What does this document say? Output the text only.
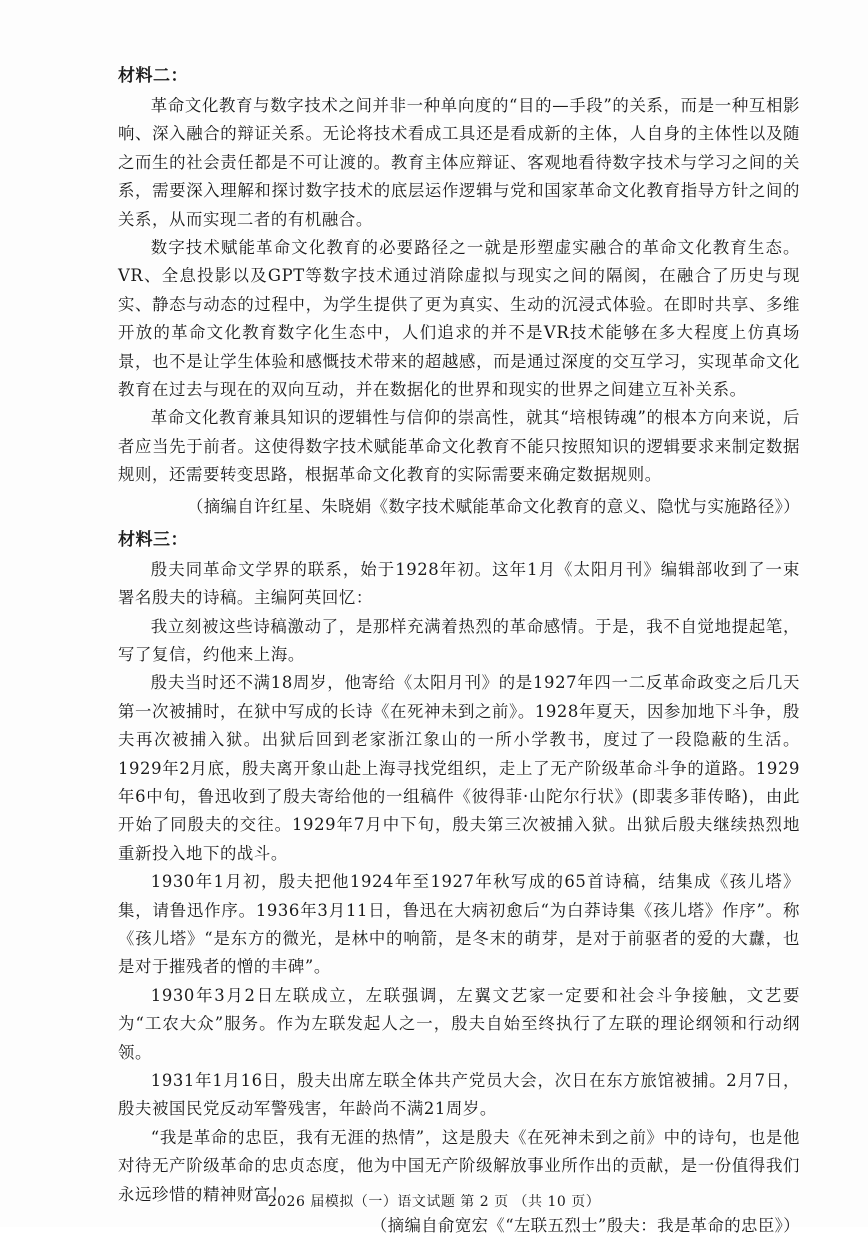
材料二：

革命文化教育与数字技术之间并非一种单向度的“目的—手段”的关系，而是一种互相影响、深入融合的辩证关系。无论将技术看成工具还是看成新的主体，人自身的主体性以及随之而生的社会责任都是不可让渡的。教育主体应辩证、客观地看待数字技术与学习之间的关系，需要深入理解和探讨数字技术的底层运作逻辑与党和国家革命文化教育指导方针之间的关系，从而实现二者的有机融合。

数字技术赋能革命文化教育的必要路径之一就是形塑虚实融合的革命文化教育生态。VR、全息投影以及GPT等数字技术通过消除虚拟与现实之间的隔阂，在融合了历史与现实、静态与动态的过程中，为学生提供了更为真实、生动的沉浸式体验。在即时共享、多维开放的革命文化教育数字化生态中，人们追求的并不是VR技术能够在多大程度上仿真场景，也不是让学生体验和感慨技术带来的超越感，而是通过深度的交互学习，实现革命文化教育在过去与现在的双向互动，并在数据化的世界和现实的世界之间建立互补关系。

革命文化教育兼具知识的逻辑性与信仰的崇高性，就其“培根铸魂”的根本方向来说，后者应当先于前者。这使得数字技术赋能革命文化教育不能只按照知识的逻辑要求来制定数据规则，还需要转变思路，根据革命文化教育的实际需要来确定数据规则。

（摘编自许红星、朱晓娟《数字技术赋能革命文化教育的意义、隐忧与实施路径》）
材料三：

殷夫同革命文学界的联系，始于1928年初。这年1月《太阳月刊》编辑部收到了一束署名殷夫的诗稿。主编阿英回忆：

我立刻被这些诗稿激动了，是那样充满着热烈的革命感情。于是，我不自觉地提起笔，写了复信，约他来上海。

殷夫当时还不满18周岁，他寄给《太阳月刊》的是1927年四一二反革命政变之后几天第一次被捕时，在狱中写成的长诗《在死神未到之前》。1928年夏天，因参加地下斗争，殷夫再次被捕入狱。出狱后回到老家浙江象山的一所小学教书，度过了一段隐蔽的生活。1929年2月底，殷夫离开象山赴上海寻找党组织，走上了无产阶级革命斗争的道路。1929年6中旬，鲁迅收到了殷夫寄给他的一组稿件《彼得菲·山陀尔行状》(即裴多菲传略)，由此开始了同殷夫的交往。1929年7月中下旬，殷夫第三次被捕入狱。出狱后殷夫继续热烈地重新投入地下的战斗。

1930年1月初，殷夫把他1924年至1927年秋写成的65首诗稿，结集成《孩儿塔》集，请鲁迅作序。1936年3月11日，鲁迅在大病初愈后“为白莽诗集《孩儿塔》作序”。称《孩儿塔》“是东方的微光，是林中的响箭，是冬末的萌芽，是对于前驱者的爱的大纛，也是对于摧残者的憎的丰碑”。

1930年3月2日左联成立，左联强调，左翼文艺家一定要和社会斗争接触，文艺要为“工农大众”服务。作为左联发起人之一，殷夫自始至终执行了左联的理论纲领和行动纲领。

1931年1月16日，殷夫出席左联全体共产党员大会，次日在东方旅馆被捕。2月7日，殷夫被国民党反动军警残害，年龄尚不满21周岁。

“我是革命的忠臣，我有无涯的热情”，这是殷夫《在死神未到之前》中的诗句，也是他对待无产阶级革命的忠贞态度，他为中国无产阶级解放事业所作出的贡献，是一份值得我们永远珍惜的精神财富！

（摘编自俞宽宏《“左联五烈士”殷夫：我是革命的忠臣》）
2026 届模拟（一）语文试题 第 2 页 （共 10 页）
